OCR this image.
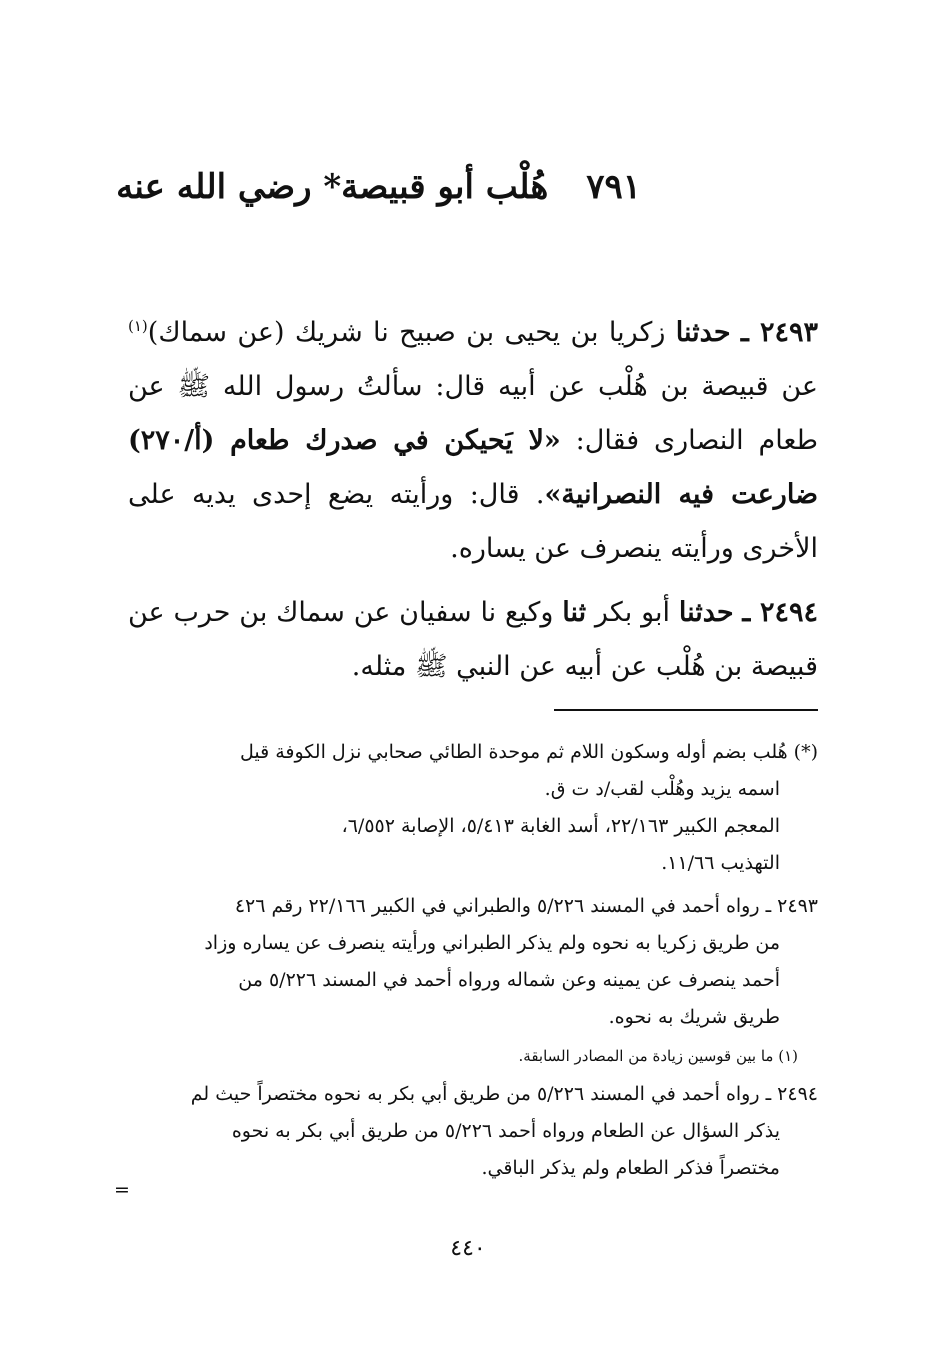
٧٩١ هُلْب أبو قبيصة* رضي الله عنه

٢٤٩٣ ـ حدثنا زكريا بن يحيى بن صبيح نا شريك (عن سماك)$^{(١)}$ عن قبيصة بن هُلْب عن أبيه قال: سألتُ رسول الله ﷺ عن طعام النصارى فقال: «لا يَحيكن في صدرك طعام (أ/٢٧٠) ضارعت فيه النصرانية». قال: ورأيته يضع إحدى يديه على الأخرى ورأيته ينصرف عن يساره.

٢٤٩٤ ـ حدثنا أبو بكر ثنا وكيع نا سفيان عن سماك بن حرب عن قبيصة بن هُلْب عن أبيه عن النبي ﷺ مثله.

(*) هُلب بضم أوله وسكون اللام ثم موحدة الطائي صحابي نزل الكوفة قيل
اسمه يزيد وهُلْب لقب/د ت ق.
المعجم الكبير ٢٢/١٦٣، أسد الغابة ٥/٤١٣، الإصابة ٦/٥٥٢،
التهذيب ١١/٦٦.
٢٤٩٣ ـ رواه أحمد في المسند ٥/٢٢٦ والطبراني في الكبير ٢٢/١٦٦ رقم ٤٢٦
من طريق زكريا به نحوه ولم يذكر الطبراني ورأيته ينصرف عن يساره وزاد
أحمد ينصرف عن يمينه وعن شماله ورواه أحمد في المسند ٥/٢٢٦ من
طريق شريك به نحوه.
(١) ما بين قوسين زيادة من المصادر السابقة.
٢٤٩٤ ـ رواه أحمد في المسند ٥/٢٢٦ من طريق أبي بكر به نحوه مختصراً حيث لم
يذكر السؤال عن الطعام ورواه أحمد ٥/٢٢٦ من طريق أبي بكر به نحوه
مختصراً فذكر الطعام ولم يذكر الباقي.
=
٤٤٠
